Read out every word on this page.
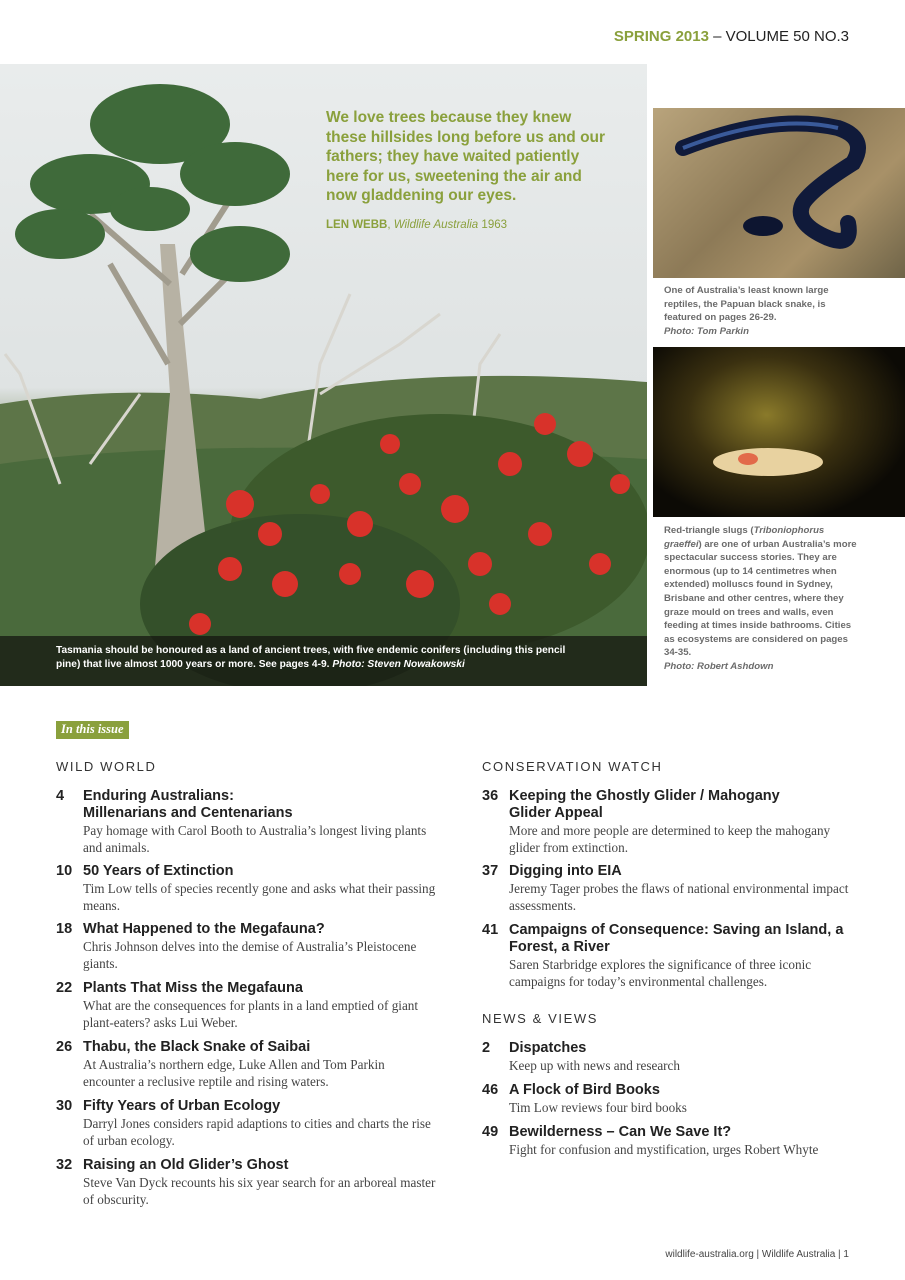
SPRING 2013 – VOLUME 50 NO.3
Tasmania should be honoured as a land of ancient trees, with five endemic conifers (including this pencil pine) that live almost 1000 years or more. See pages 4-9. Photo: Steven Nowakowski
We love trees because they knew these hillsides long before us and our fathers; they have waited patiently here for us, sweetening the air and now gladdening our eyes.
LEN WEBB, Wildlife Australia 1963
One of Australia’s least known large reptiles, the Papuan black snake, is featured on pages 26-29.
Photo: Tom Parkin
Red-triangle slugs (Triboniophorus graeffei) are one of urban Australia’s more spectacular success stories. They are enormous (up to 14 centimetres when extended) molluscs found in Sydney, Brisbane and other centres, where they graze mould on trees and walls, even feeding at times inside bathrooms. Cities as ecosystems are considered on pages 34-35.
Photo: Robert Ashdown
In this issue
WILD WORLD
4 Enduring Australians: Millenarians and Centenarians
Pay homage with Carol Booth to Australia’s longest living plants and animals.
10 50 Years of Extinction
Tim Low tells of species recently gone and asks what their passing means.
18 What Happened to the Megafauna?
Chris Johnson delves into the demise of Australia’s Pleistocene giants.
22 Plants That Miss the Megafauna
What are the consequences for plants in a land emptied of giant plant-eaters? asks Lui Weber.
26 Thabu, the Black Snake of Saibai
At Australia’s northern edge, Luke Allen and Tom Parkin encounter a reclusive reptile and rising waters.
30 Fifty Years of Urban Ecology
Darryl Jones considers rapid adaptions to cities and charts the rise of urban ecology.
32 Raising an Old Glider’s Ghost
Steve Van Dyck recounts his six year search for an arboreal master of obscurity.
CONSERVATION WATCH
36 Keeping the Ghostly Glider / Mahogany Glider Appeal
More and more people are determined to keep the mahogany glider from extinction.
37 Digging into EIA
Jeremy Tager probes the flaws of national environmental impact assessments.
41 Campaigns of Consequence: Saving an Island, a Forest, a River
Saren Starbridge explores the significance of three iconic campaigns for today’s environmental challenges.
NEWS & VIEWS
2 Dispatches
Keep up with news and research
46 A Flock of Bird Books
Tim Low reviews four bird books
49 Bewilderness – Can We Save It?
Fight for confusion and mystification, urges Robert Whyte
wildlife-australia.org | Wildlife Australia | 1
